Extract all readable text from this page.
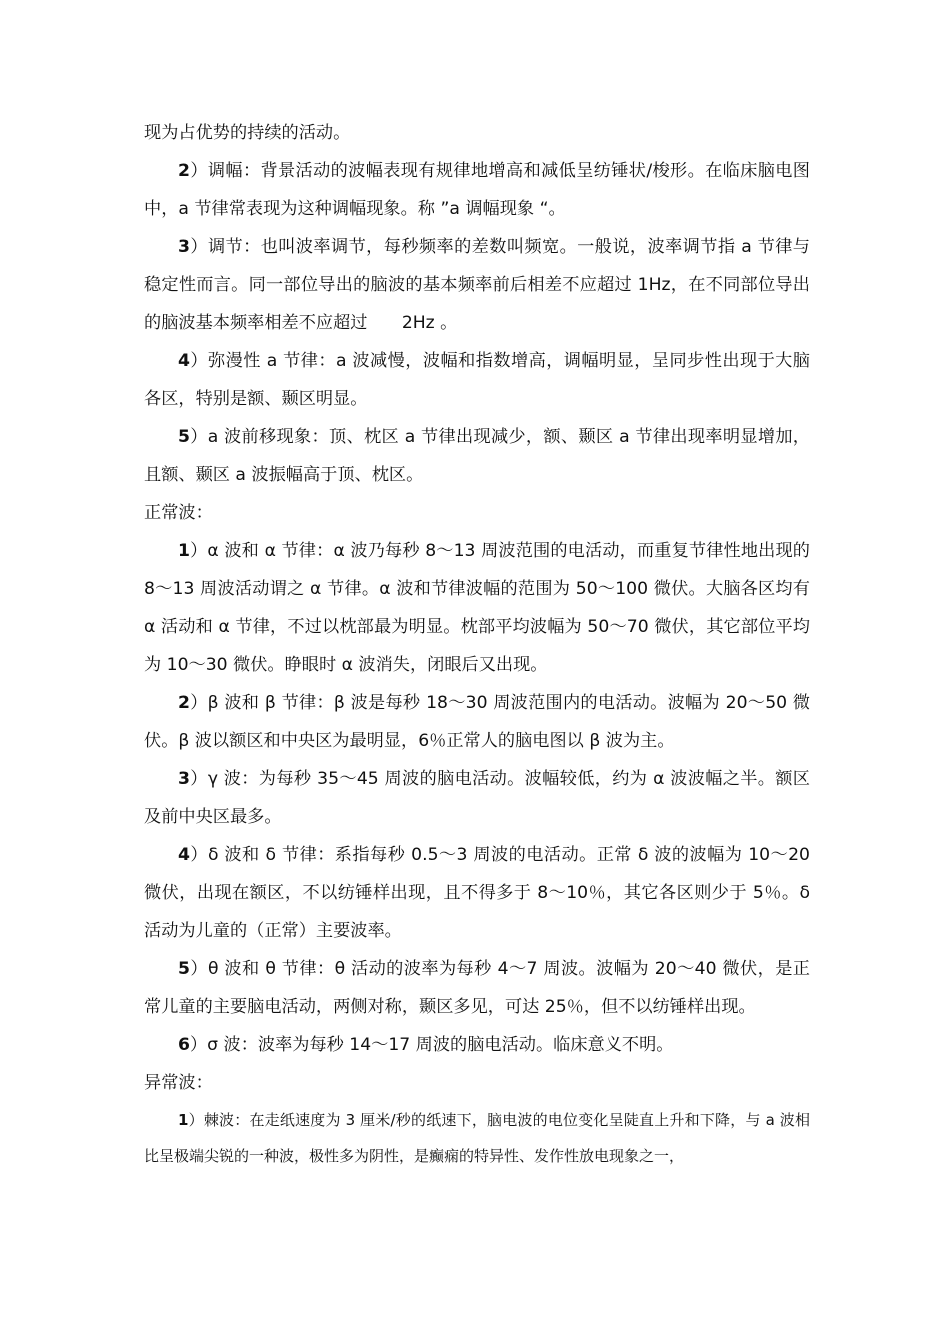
现为占优势的持续的活动。

2）调幅：背景活动的波幅表现有规律地增高和减低呈纺锤状/梭形。在临床脑电图中，a 节律常表现为这种调幅现象。称 ”a 调幅现象 “。

3）调节：也叫波率调节，每秒频率的差数叫频宽。一般说，波率调节指 a 节律与稳定性而言。同一部位导出的脑波的基本频率前后相差不应超过 1Hz，在不同部位导出的脑波基本频率相差不应超过　　2Hz 。

4）弥漫性 a 节律：a 波减慢，波幅和指数增高，调幅明显，呈同步性出现于大脑各区，特别是额、颞区明显。

5）a 波前移现象：顶、枕区 a 节律出现减少，额、颞区 a 节律出现率明显增加，且额、颞区 a 波振幅高于顶、枕区。

正常波：

1）α 波和 α 节律：α 波乃每秒 8～13 周波范围的电活动，而重复节律性地出现的 8～13 周波活动谓之 α 节律。α 波和节律波幅的范围为 50～100 微伏。大脑各区均有 α 活动和 α 节律，不过以枕部最为明显。枕部平均波幅为 50～70 微伏，其它部位平均为 10～30 微伏。睁眼时 α 波消失，闭眼后又出现。

2）β 波和 β 节律：β 波是每秒 18～30 周波范围内的电活动。波幅为 20～50 微伏。β 波以额区和中央区为最明显，6％正常人的脑电图以 β 波为主。

3）γ 波：为每秒 35～45 周波的脑电活动。波幅较低，约为 α 波波幅之半。额区及前中央区最多。

4）δ 波和 δ 节律：系指每秒 0.5～3 周波的电活动。正常 δ 波的波幅为 10～20 微伏，出现在额区，不以纺锤样出现，且不得多于 8～10％，其它各区则少于 5％。δ 活动为儿童的（正常）主要波率。

5）θ 波和 θ 节律：θ 活动的波率为每秒 4～7 周波。波幅为 20～40 微伏，是正常儿童的主要脑电活动，两侧对称，颞区多见，可达 25％，但不以纺锤样出现。

6）σ 波：波率为每秒 14～17 周波的脑电活动。临床意义不明。

异常波：

1）棘波：在走纸速度为 3 厘米/秒的纸速下，脑电波的电位变化呈陡直上升和下降，与 a 波相比呈极端尖锐的一种波，极性多为阴性，是癫痫的特异性、发作性放电现象之一，
